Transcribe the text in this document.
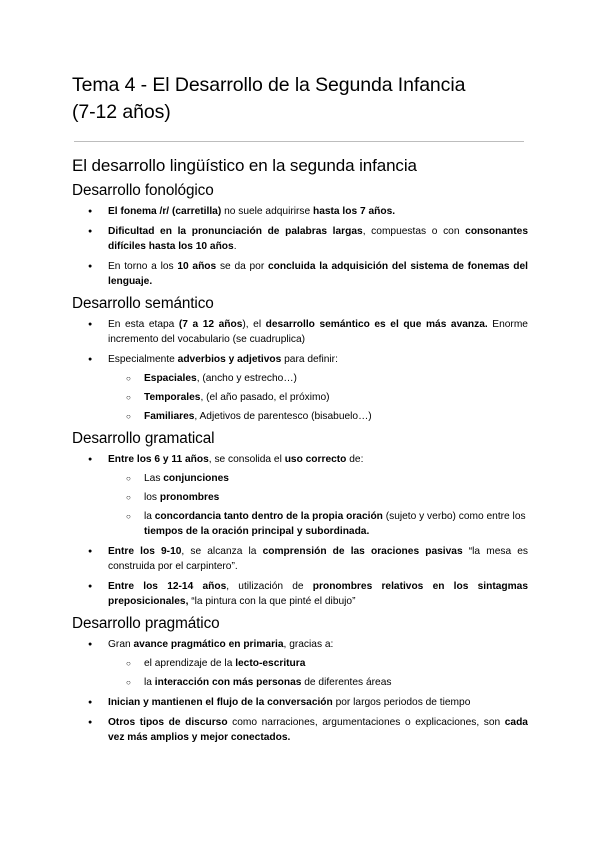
Tema 4 - El Desarrollo de la Segunda Infancia
(7-12 años)
El desarrollo lingüístico en la segunda infancia
Desarrollo fonológico
● El fonema /r/ (carretilla) no suele adquirirse hasta los 7 años.
● Dificultad en la pronunciación de palabras largas, compuestas o con consonantes difíciles hasta los 10 años.
● En torno a los 10 años se da por concluida la adquisición del sistema de fonemas del lenguaje.
Desarrollo semántico
● En esta etapa (7 a 12 años), el desarrollo semántico es el que más avanza. Enorme incremento del vocabulario (se cuadruplica)
● Especialmente adverbios y adjetivos para definir:
○ Espaciales, (ancho y estrecho…)
○ Temporales, (el año pasado, el próximo)
○ Familiares, Adjetivos de parentesco (bisabuelo…)
Desarrollo gramatical
● Entre los 6 y 11 años, se consolida el uso correcto de:
○ Las conjunciones
○ los pronombres
○ la concordancia tanto dentro de la propia oración (sujeto y verbo) como entre los tiempos de la oración principal y subordinada.
● Entre los 9-10, se alcanza la comprensión de las oraciones pasivas “la mesa es construida por el carpintero”.
● Entre los 12-14 años, utilización de pronombres relativos en los sintagmas preposicionales, “la pintura con la que pinté el dibujo”
Desarrollo pragmático
● Gran avance pragmático en primaria, gracias a:
○ el aprendizaje de la lecto-escritura
○ la interacción con más personas de diferentes áreas
● Inician y mantienen el flujo de la conversación por largos periodos de tiempo
● Otros tipos de discurso como narraciones, argumentaciones o explicaciones, son cada vez más amplios y mejor conectados.
